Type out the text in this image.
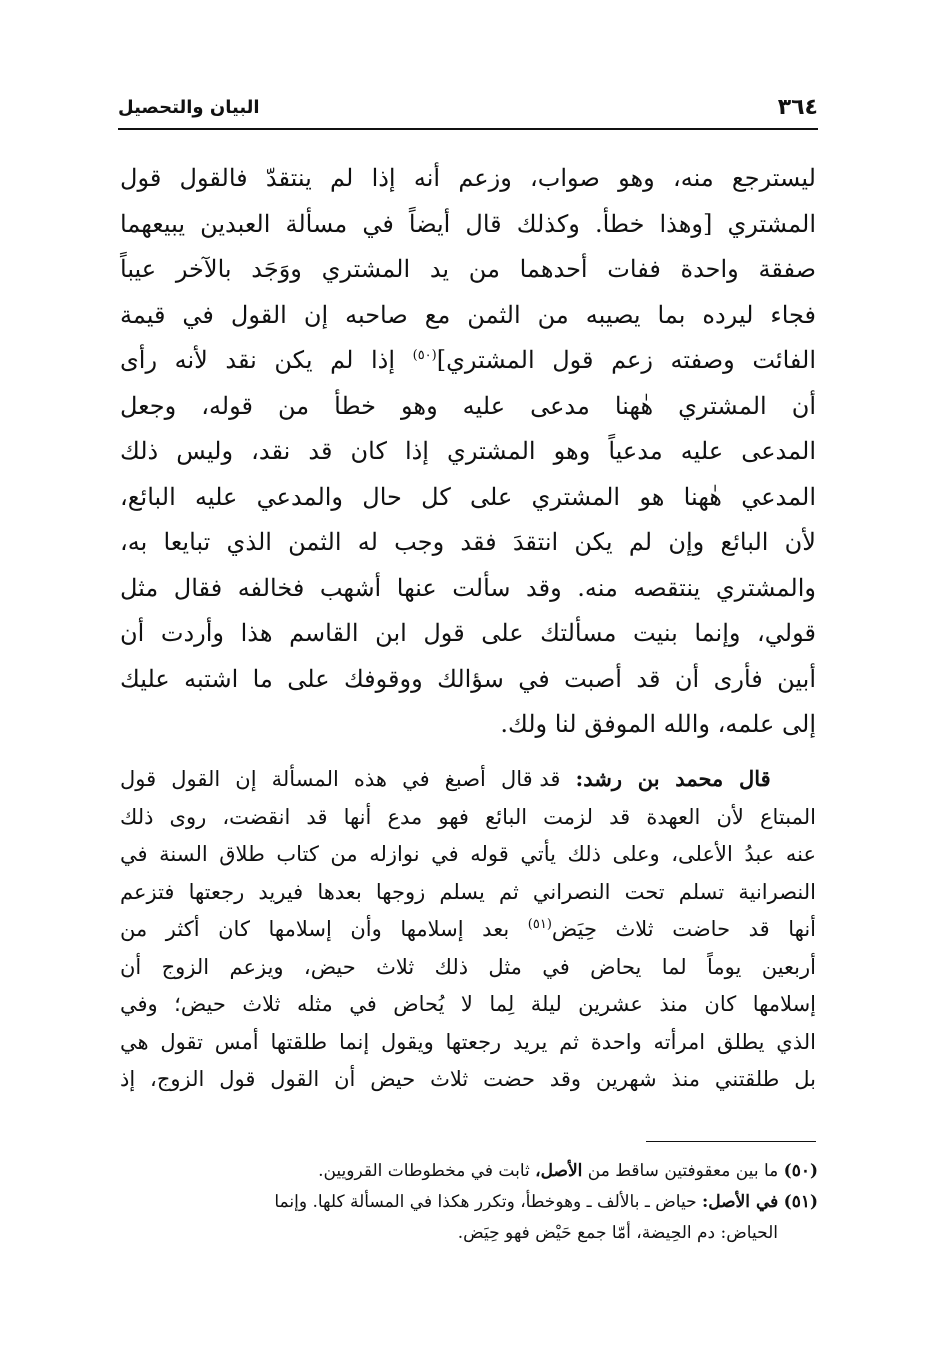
٣٦٤
البيان والتحصيل

ليسترجع منه، وهو صواب، وزعم أنه إذا لم ينتقدّ فالقول قول
المشتري [وهذا خطأ. وكذلك قال أيضاً في مسألة العبدين يبيعهما
صفقة واحدة ففات أحدهما من يد المشتري ووَجَد بالآخر عيباً
فجاء ليرده بما يصيبه من الثمن مع صاحبه إن القول في قيمة
الفائت وصفته زعم قول المشتري]$^{(٥٠)}$ إذا لم يكن نقد لأنه رأى
أن المشتري هٰهنا مدعى عليه وهو خطأ من قوله، وجعل
المدعى عليه مدعياً وهو المشتري إذا كان قد نقد، وليس ذلك
المدعي هٰهنا هو المشتري على كل حال والمدعي عليه البائع،
لأن البائع وإن لم يكن انتقدَ فقد وجب له الثمن الذي تبايعا به،
والمشتري ينتقصه منه. وقد سألت عنها أشهب فخالفه فقال مثل
قولي، وإنما بنيت مسألتك على قول ابن القاسم هذا وأردت أن
أبين فأرى أن قد أصبت في سؤالك ووقوفك على ما اشتبه عليك
إلى علمه، والله الموفق لنا ولك.

قال محمد بن رشد: قد قال أصبغ في هذه المسألة إن القول قول
المبتاع لأن العهدة قد لزمت البائع فهو مدع أنها قد انقضت، روى ذلك
عنه عبدُ الأعلى، وعلى ذلك يأتي قوله في نوازله من كتاب طلاق السنة في
النصرانية تسلم تحت النصراني ثم يسلم زوجها بعدها فيريد رجعتها فتزعم
أنها قد حاضت ثلاث حِيَض$^{(٥١)}$ بعد إسلامها وأن إسلامها كان أكثر من
أربعين يوماً لما يحاض في مثل ذلك ثلاث حيض، ويزعم الزوج أن
إسلامها كان منذ عشرين ليلة لِما لا يُحاض في مثله ثلاث حيض؛ وفي
الذي يطلق امرأته واحدة ثم يريد رجعتها ويقول إنما طلقتها أمس تقول هي
بل طلقتني منذ شهرين وقد حضت ثلاث حيض أن القول قول الزوج، إذ

(٥٠) ما بين معقوفتين ساقط من الأصل، ثابت في مخطوطات القرويين.
(٥١) في الأصل: حياض ـ بالألف ـ وهوخطأ، وتكرر هكذا في المسألة كلها. وإنما
الحياض: دم الحِيضة، أمّا جمع حَيْض فهو حِيَض.
